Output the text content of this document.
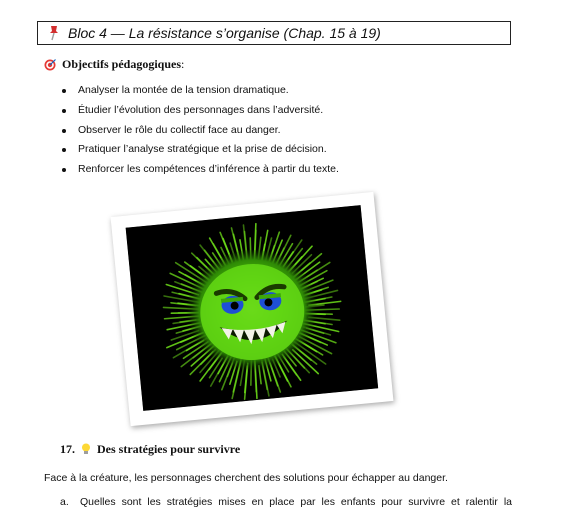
Bloc 4 — La résistance s’organise (Chap. 15 à 19)
Objectifs pédagogiques :
Analyser la montée de la tension dramatique.
Étudier l’évolution des personnages dans l’adversité.
Observer le rôle du collectif face au danger.
Pratiquer l’analyse stratégique et la prise de décision.
Renforcer les compétences d’inférence à partir du texte.
17. Des stratégies pour survivre
Face à la créature, les personnages cherchent des solutions pour échapper au danger.
a.	Quelles sont les stratégies mises en place par les enfants pour survivre et ralentir la
